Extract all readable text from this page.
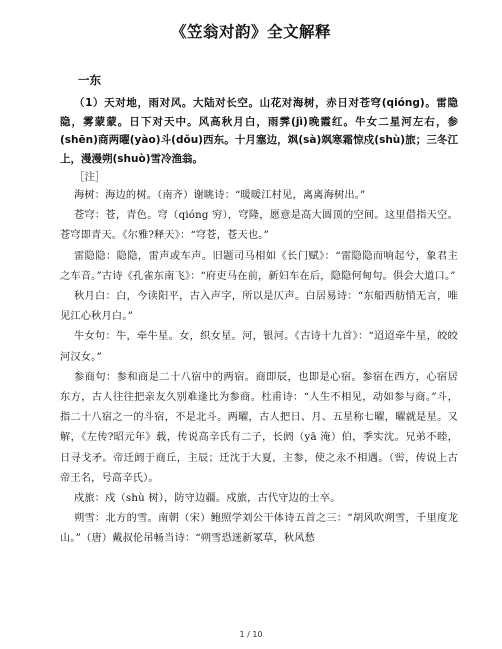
《笠翁对韵》全文解释
一东

（1）天对地，雨对风。大陆对长空。山花对海树，赤日对苍穹(qióng)。雷隐隐，雾蒙蒙。日下对天中。风高秋月白，雨霁(jì)晚霞红。牛女二星河左右，参(shēn)商两曜(yào)斗(dǒu)西东。十月塞边，飒(sà)飒寒霜惊戍(shù)旅；三冬江上，漫漫朔(shuò)雪冷渔翁。

［注］

海树：海边的树。（南齐）谢眺诗：“暖暖江村见，离离海树出。”

苍穹：苍，青色。穹（qióng 穷），穹隆，愿意是高大圆顶的空间。这里借指天空。苍穹即青天。《尔雅?释天》：“穹苍，苍天也。”

雷隐隐：隐隐，雷声或车声。旧题司马相如《长门赋》：“雷隐隐而响起兮，象君主之车音。”古诗《孔雀东南飞》：“府吏马在前，新妇车在后，隐隐何甸句。俱会大道口。”

秋月白：白，今读阳平，古入声字，所以是仄声。白居易诗：“东船西舫悄无言，唯见江心秋月白。”

牛女句：牛，牵牛星。女，织女星。河，银河。《古诗十九首》：“迢迢牵牛星，皎皎河汉女。”

参商句：参和商是二十八宿中的两宿。商即辰，也即是心宿。参宿在西方，心宿居东方，古人往往把亲友久别难逢比为参商。杜甫诗：“人生不相见，动如参与商。”斗，指二十八宿之一的斗宿，不是北斗。两曜，古人把日、月、五星称七曜，曜就是星。又解，《左传?昭元年》载，传说高辛氏有二子，长阏（yā 淹）伯，季实沈。兄弟不睦，日寻戈矛。帝迁阏于商丘，主辰；迁沈于大夏，主参，使之永不相遇。（喾，传说上古帝王名，号高辛氏）。

戍旅：戍（shù 树），防守边疆。戍旅，古代守边的士卒。

朔雪：北方的雪。南朝（宋）鲍照学刘公干体诗五首之三：“胡风吹朔雪，千里度龙山。”（唐）戴叔伦吊畅当诗：“朔雪恐迷新冢草，秋风愁

1 / 10
